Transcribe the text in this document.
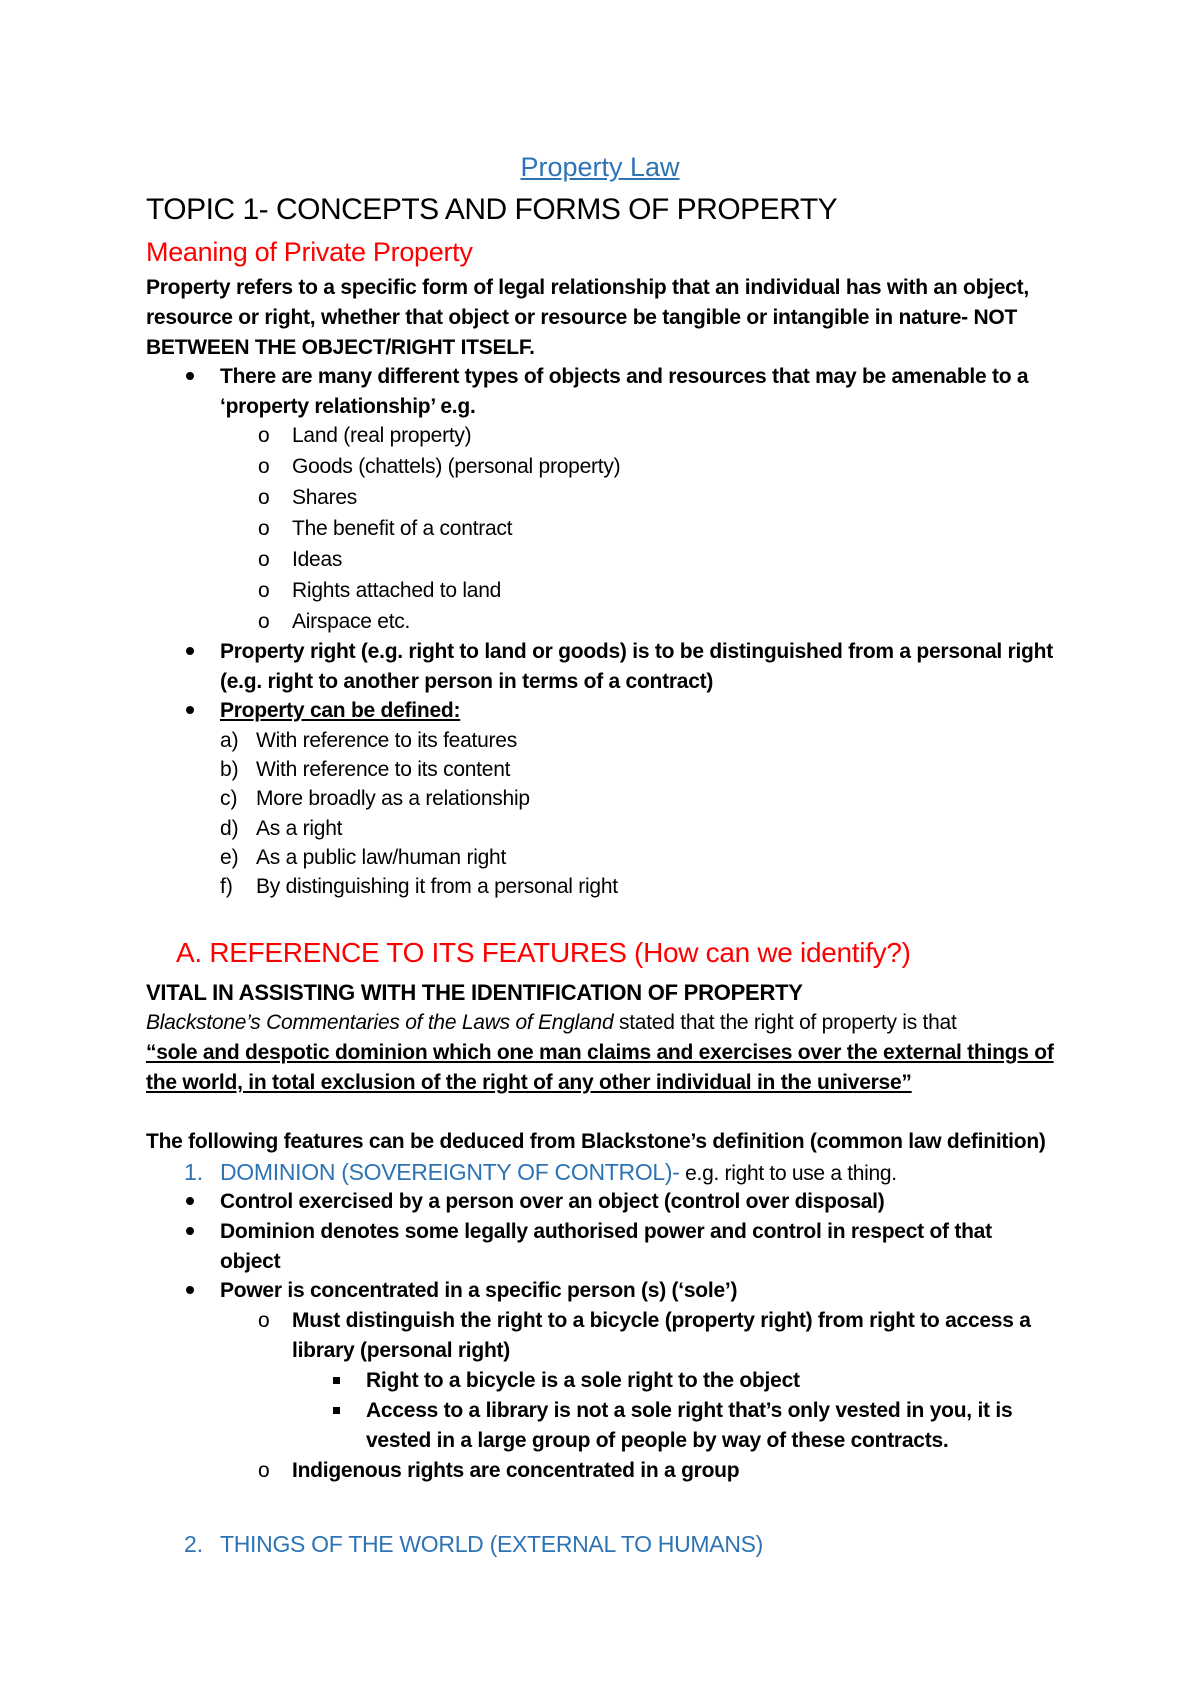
Property Law
TOPIC 1- CONCEPTS AND FORMS OF PROPERTY
Meaning of Private Property
Property refers to a specific form of legal relationship that an individual has with an object,
resource or right, whether that object or resource be tangible or intangible in nature- NOT
BETWEEN THE OBJECT/RIGHT ITSELF.
There are many different types of objects and resources that may be amenable to a
‘property relationship’ e.g.
o Land (real property)
o Goods (chattels) (personal property)
o Shares
o The benefit of a contract
o Ideas
o Rights attached to land
o Airspace etc.
Property right (e.g. right to land or goods) is to be distinguished from a personal right
(e.g. right to another person in terms of a contract)
Property can be defined:
a) With reference to its features
b) With reference to its content
c) More broadly as a relationship
d) As a right
e) As a public law/human right
f) By distinguishing it from a personal right
A. REFERENCE TO ITS FEATURES (How can we identify?)
VITAL IN ASSISTING WITH THE IDENTIFICATION OF PROPERTY
Blackstone’s Commentaries of the Laws of England stated that the right of property is that
“sole and despotic dominion which one man claims and exercises over the external things of
the world, in total exclusion of the right of any other individual in the universe”
The following features can be deduced from Blackstone’s definition (common law definition)
1. DOMINION (SOVEREIGNTY OF CONTROL)- e.g. right to use a thing.
Control exercised by a person over an object (control over disposal)
Dominion denotes some legally authorised power and control in respect of that
object
Power is concentrated in a specific person (s) (‘sole’)
o Must distinguish the right to a bicycle (property right) from right to access a
library (personal right)
Right to a bicycle is a sole right to the object
Access to a library is not a sole right that’s only vested in you, it is
vested in a large group of people by way of these contracts.
o Indigenous rights are concentrated in a group
2. THINGS OF THE WORLD (EXTERNAL TO HUMANS)
